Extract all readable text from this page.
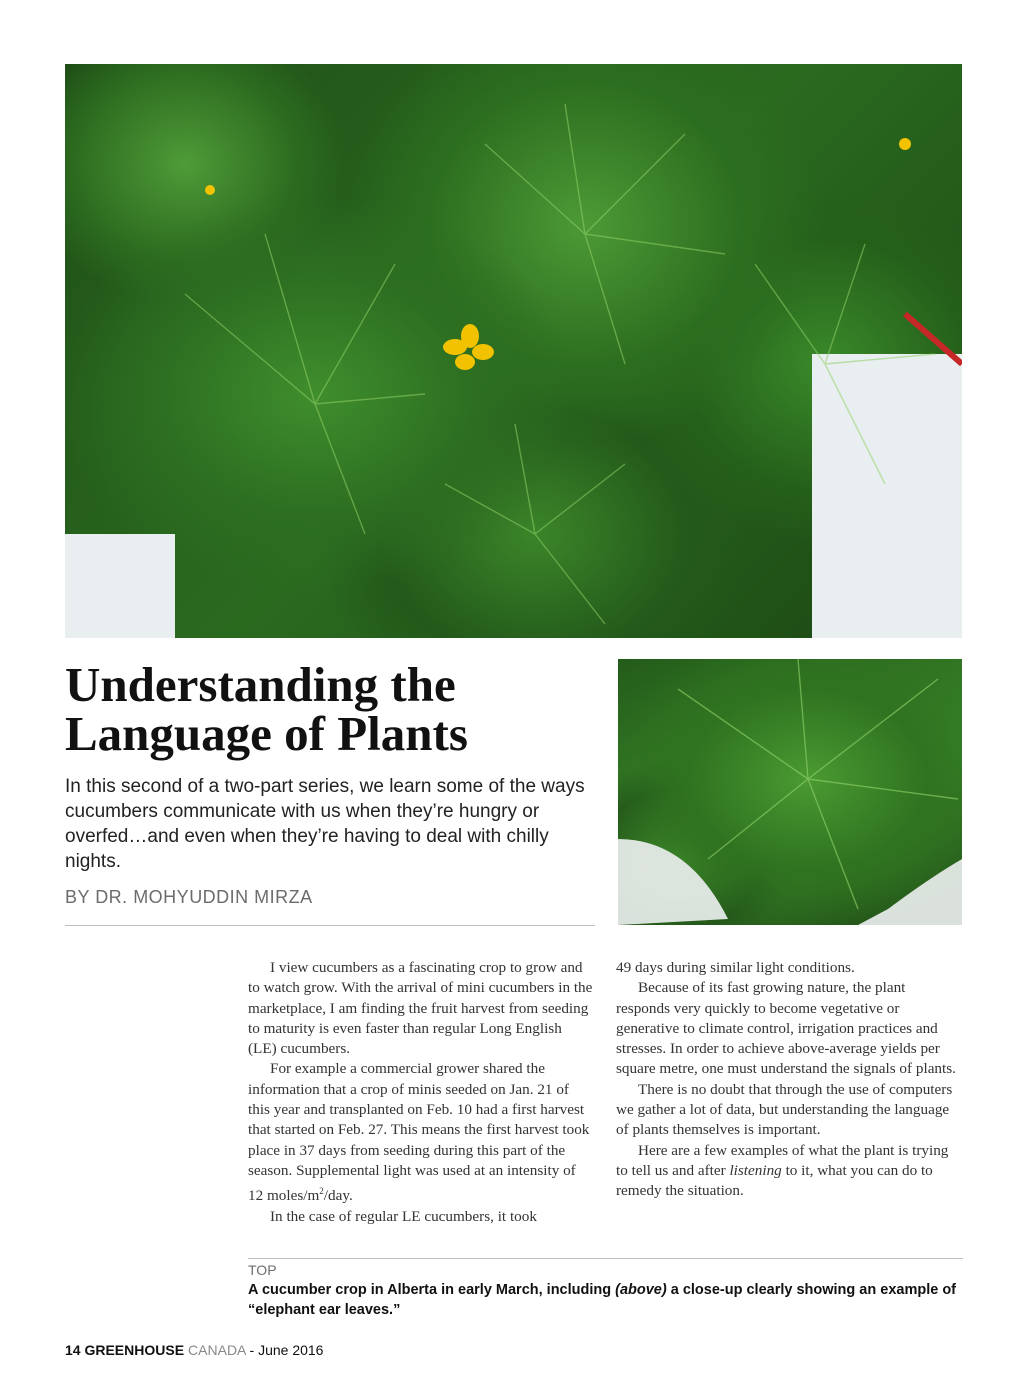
Understanding the
Language of Plants

In this second of a two-part series, we learn some of the ways cucumbers communicate with us when they’re hungry or overfed…and even when they’re having to deal with chilly nights.

BY DR. MOHYUDDIN MIRZA

I view cucumbers as a fascinating crop to grow and to watch grow. With the arrival of mini cucumbers in the marketplace, I am finding the fruit harvest from seeding to maturity is even faster than regular Long English (LE) cucumbers.

For example a commercial grower shared the information that a crop of minis seeded on Jan. 21 of this year and transplanted on Feb. 10 had a first harvest that started on Feb. 27. This means the first harvest took place in 37 days from seeding during this part of the season. Supplemental light was used at an intensity of 12 moles/$m^2$/day.

In the case of regular LE cucumbers, it took

49 days during similar light conditions.

Because of its fast growing nature, the plant responds very quickly to become vegetative or generative to climate control, irrigation practices and stresses. In order to achieve above-average yields per square metre, one must understand the signals of plants.

There is no doubt that through the use of computers we gather a lot of data, but understanding the language of plants themselves is important.

Here are a few examples of what the plant is trying to tell us and after listening to it, what you can do to remedy the situation.

TOP

A cucumber crop in Alberta in early March, including (above) a close-up clearly showing an example of “elephant ear leaves.”

14 GREENHOUSE CANADA - June 2016
